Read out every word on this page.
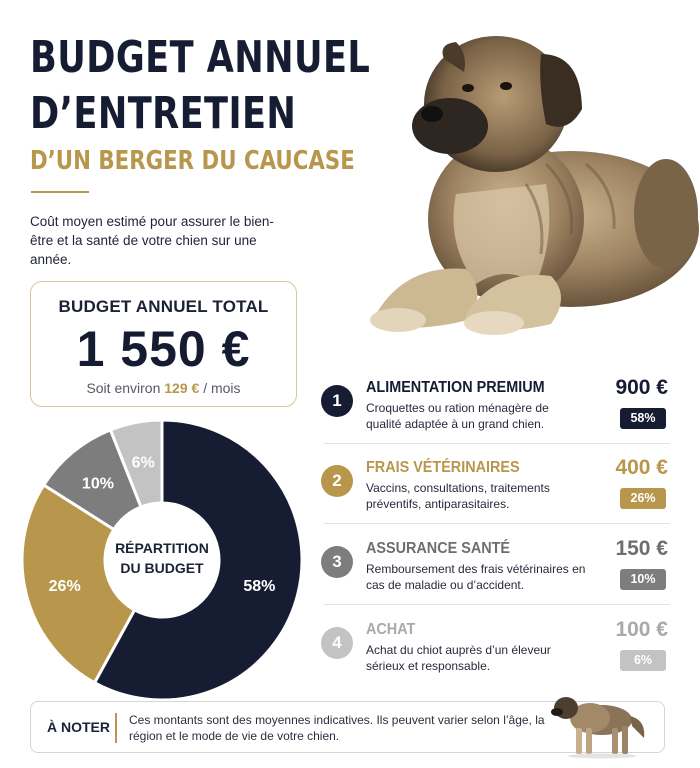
BUDGET ANNUEL
D’ENTRETIEN
D’UN BERGER DU CAUCASE
Coût moyen estimé pour assurer le bien-être et la santé de votre chien sur une année.
BUDGET ANNUEL TOTAL
1 550 €
Soit environ 129 € / mois
RÉPARTITION
DU BUDGET
58%
26%
10%
6%
1
ALIMENTATION PREMIUM
Croquettes ou ration ménagère de qualité adaptée à un grand chien.
900 €
58%
2
FRAIS VÉTÉRINAIRES
Vaccins, consultations, traitements préventifs, antiparasitaires.
400 €
26%
3
ASSURANCE SANTÉ
Remboursement des frais vétérinaires en cas de maladie ou d’accident.
150 €
10%
4
ACHAT
Achat du chiot auprès d’un éleveur sérieux et responsable.
100 €
6%
À NOTER Ces montants sont des moyennes indicatives. Ils peuvent varier selon l’âge, la région et le mode de vie de votre chien.
